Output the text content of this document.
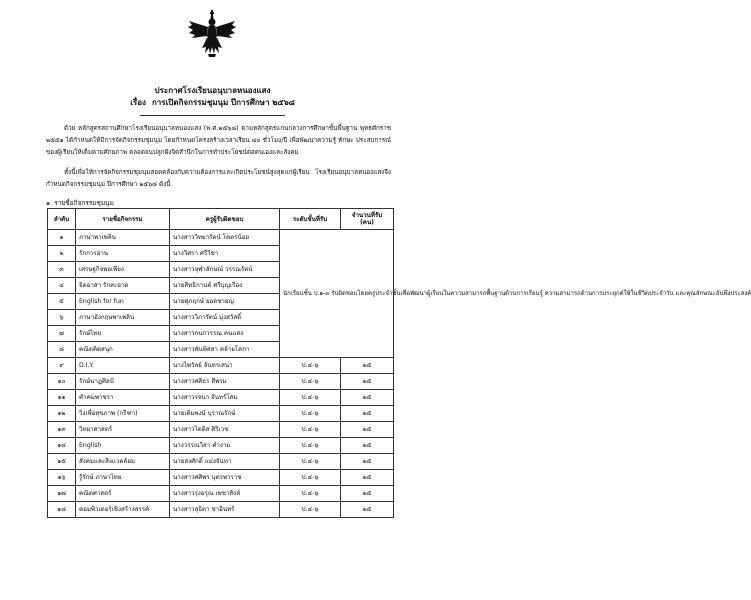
ประกาศโรงเรียนอนุบาลหนองแสง
เรื่อง การเปิดกิจกรรมชุมนุม ปีการศึกษา ๒๕๖๘
ด้วย หลักสูตรสถานศึกษาโรงเรียนอนุบาลหนองแสง (พ.ศ.๒๕๖๘) ตามหลักสูตรแกนกลางการศึกษาขั้นพื้นฐาน พุทธศักราช ๒๕๕๑ ได้กำหนดให้มีการจัดกิจกรรมชุมนุม โดยกำหนดโครงสร้างเวลาเรียน ๔๐ ชั่วโมง/ปี เพื่อพัฒนาความรู้ ทักษะ ประสบการณ์ของผู้เรียนให้เต็มตามศักยภาพ ตลอดจนปลูกฝังจิตสำนึกในการทำประโยชน์ต่อตนเองและสังคม
ทั้งนี้เพื่อให้การจัดกิจกรรมชุมนุมสอดคล้องกับความต้องการและเกิดประโยชน์สูงสุดแก่ผู้เรียน โรงเรียนอนุบาลหนองแสงจึงกำหนดกิจกรรมชุมนุม ปีการศึกษา ๒๕๖๘ ดังนี้
๑. รายชื่อกิจกรรมชุมนุม
ลำดับ	รายชื่อกิจกรรม	ครูผู้รับผิดชอบ	ระดับชั้นที่รับ	จำนวนที่รับ (คน)
๑	ภาษาพาเพลิน	นางสาววิทยารัตน์ โคตรน้อย	นักเรียนชั้น ป.๑-๓ รับผิดชอบโดยครูประจำชั้นเพื่อพัฒนาผู้เรียนในความสามารถพื้นฐานด้านการเรียนรู้ ความสามารถด้านการประยุกต์ใช้ในชีวิตประจำวัน และคุณลักษณะอันพึงประสงค์	
๒	รักการอ่าน	นางวิศรา ศรีวิชา		
๓	เศรษฐกิจพอเพียง	นางสาวจุฬาลักษณ์ วรรณรัตน์		
๔	จิตอาสา รักสะอาด	นายสิทธิกานต์ ศรีบุญเรือง		
๕	English for fun	นายศุภฤกษ์ ยอดชายญ		
๖	ภาษาอังกฤษพาเพลิน	นางสาววิภารัตน์ มุ่งสวัสดิ์		
๗	รักษ์ไทย	นางสาวกนกวรรณ คนแสง		
๘	คณิตคิดสนุก	นางสาวพันพิสสา คล้ายโสภา		
๙	D.I.Y.	นางไพวัลย์ จันทรเสนา	ป.๔-๖	๒๕
๑๐	รักษ์นาฏศิลป์	นางสาวศศิธร สีพรม	ป.๔-๖	๒๕
๑๑	คำคมพาชรา	นางสาวรจนา จันทร์โสม	ป.๔-๖	๒๕
๑๒	วิ่งเพื่อสุขภาพ (กรีฑา)	นายเติมพงษ์ บุราณรักษ์	ป.๔-๖	๒๕
๑๓	วิทยาศาสตร์	นางสาวไตติส ศิริเวช	ป.๔-๖	๒๕
๑๔	English	นางวรรณวิสา คำงาม	ป.๔-๖	๒๕
๑๕	สังคมและสิ่งแวดล้อม	นายสงศักดิ์ แม่งจันทา	ป.๔-๖	๒๕
๑๖	รู้รักษ์ ภาษาไทย	นางสาวศศิพร บุตรพาราช	ป.๔-๖	๒๕
๑๗	คณิตศาสตร์	นางสาวรุ่งอรุณ เพชาสิงห์	ป.๔-๖	๒๕
๑๘	คอมพิวเตอร์เชิงสร้างสรรค์	นางสาวสุธิดา ชาอินทร์	ป.๔-๖	๒๕
